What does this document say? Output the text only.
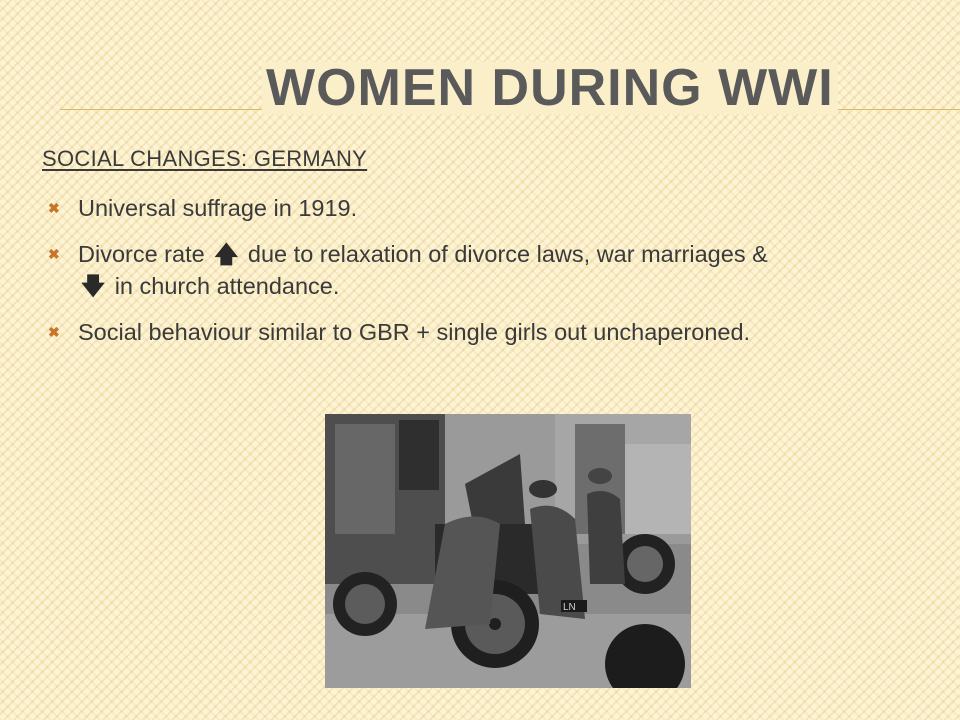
WOMEN DURING WWI
SOCIAL CHANGES: GERMANY
✖ Universal suffrage in 1919.
✖ Divorce rate 🡅 due to relaxation of divorce laws, war marriages & 🡇 in church attendance.
✖ Social behaviour similar to GBR + single girls out unchaperoned.
LN
